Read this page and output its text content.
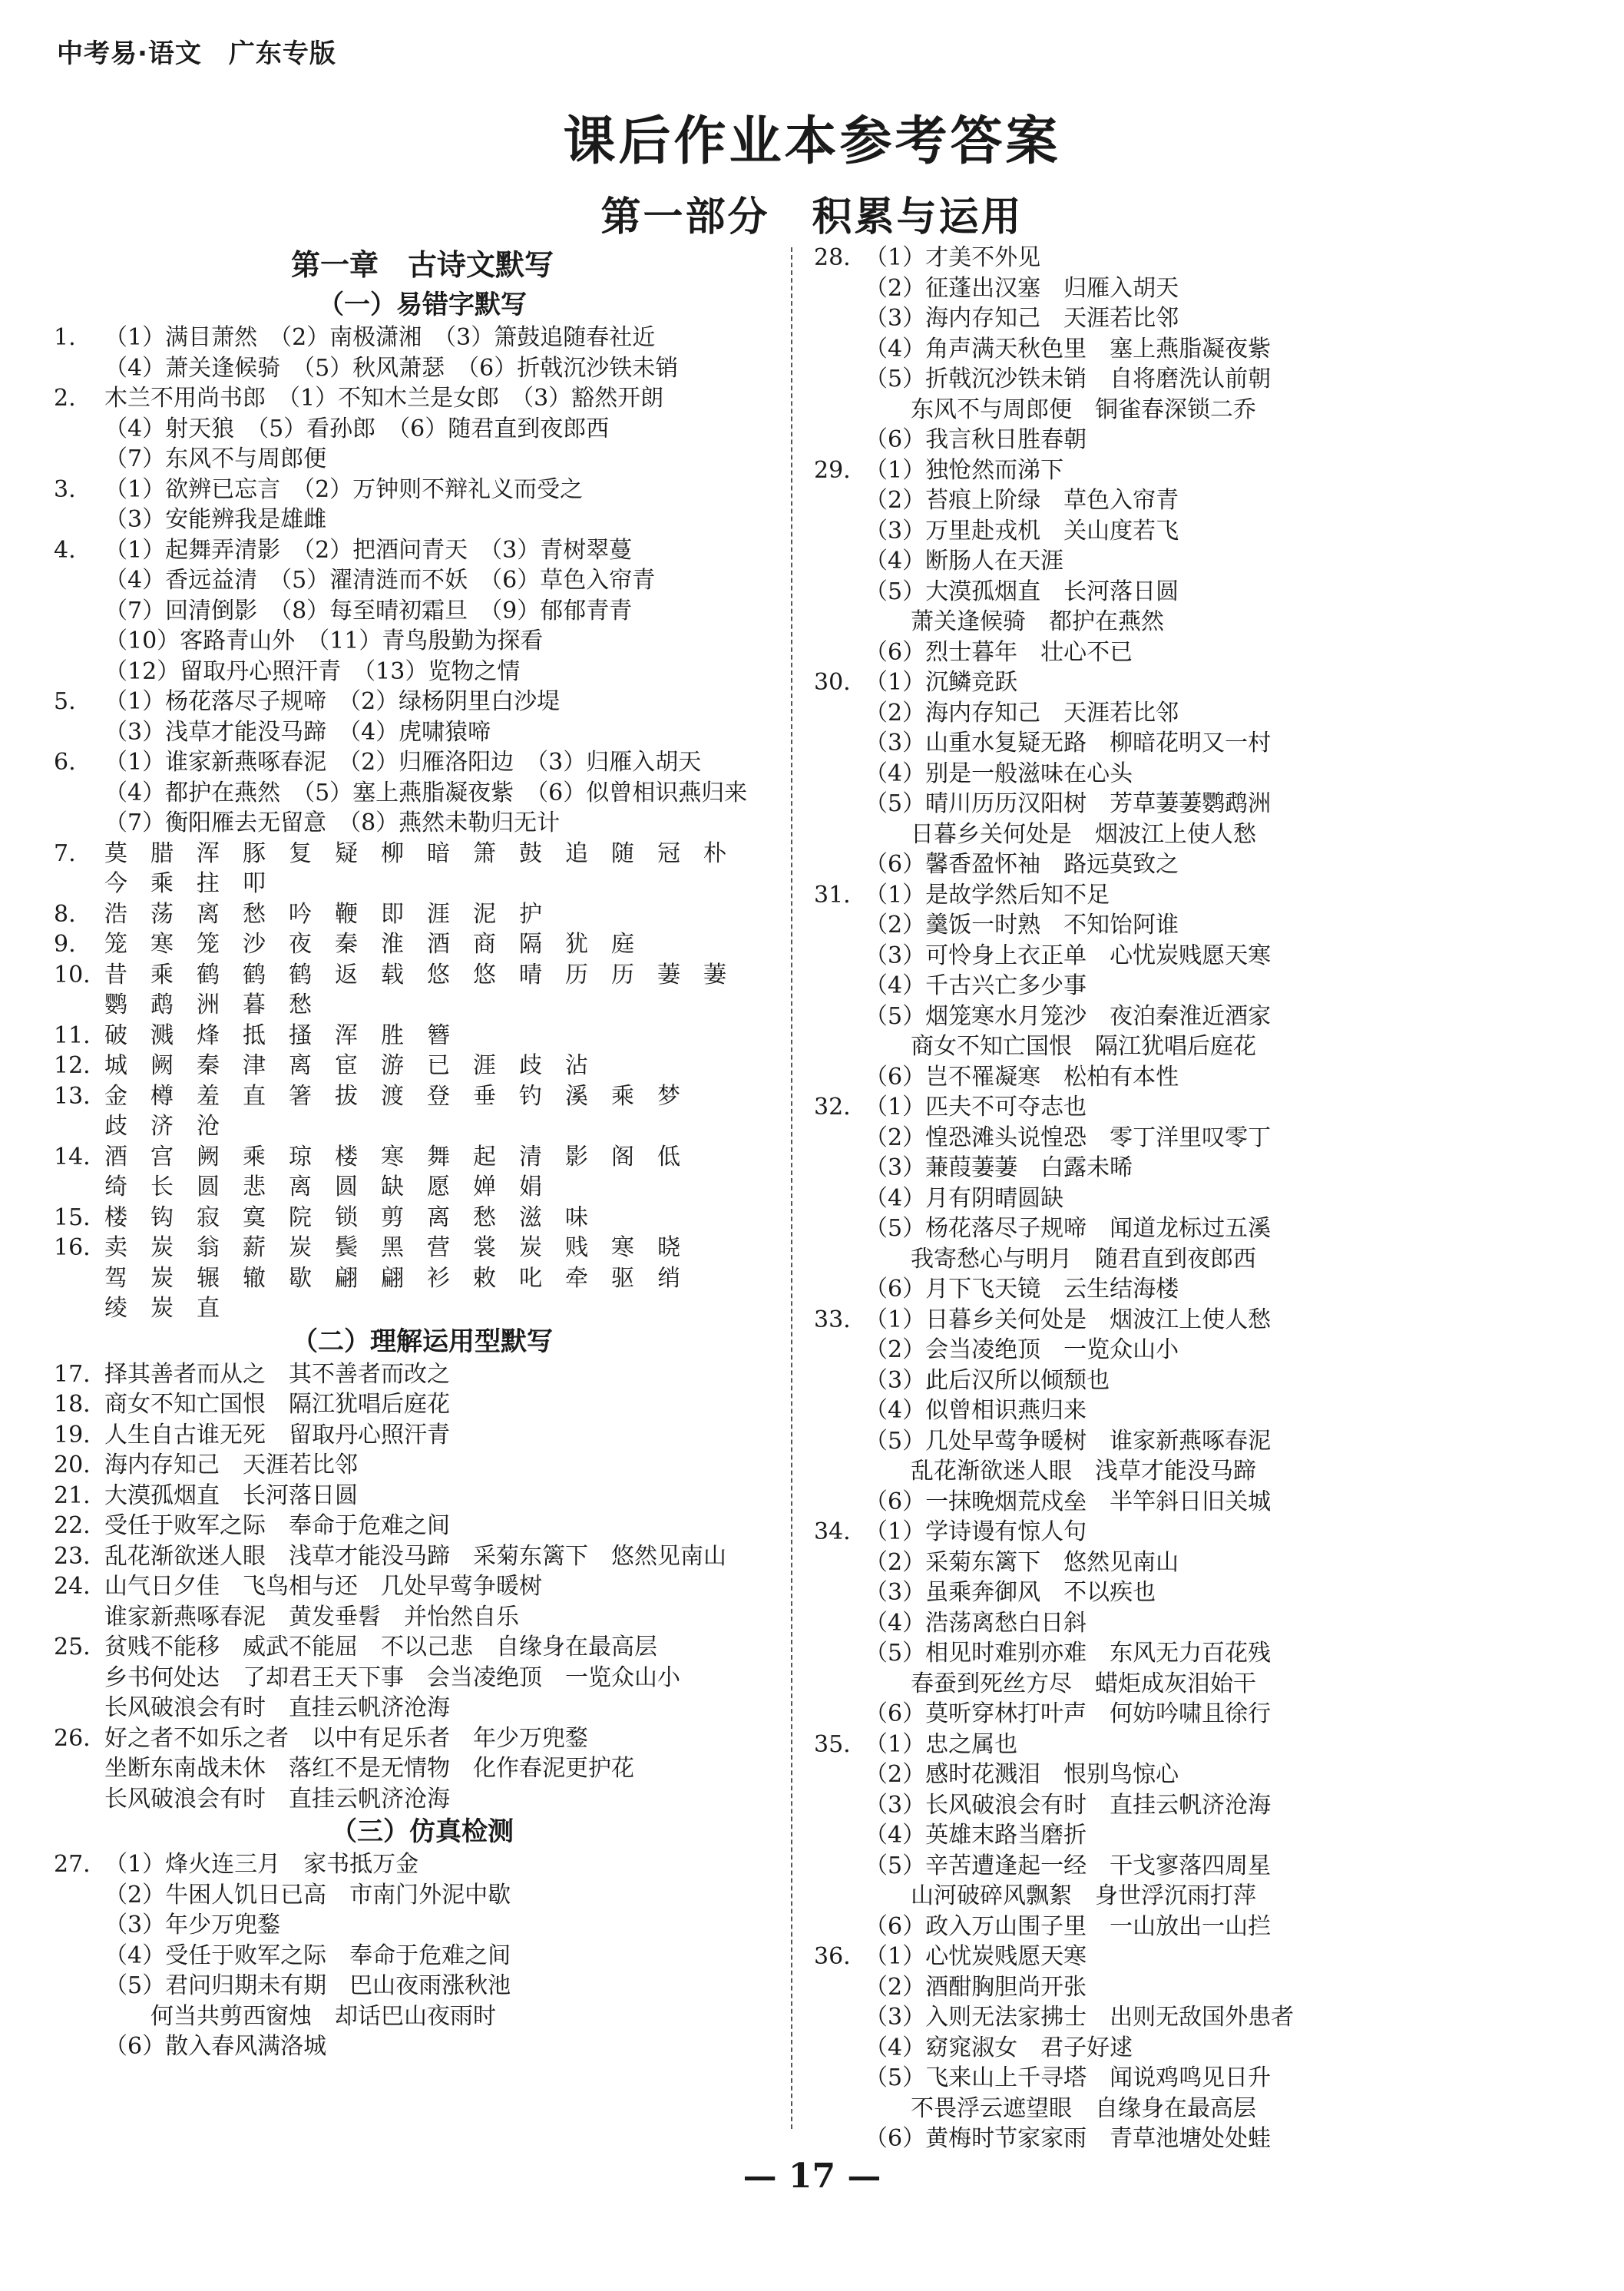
中考易·语文　广东专版
课后作业本参考答案
第一部分　积累与运用
第一章　古诗文默写
（一）易错字默写
1.	（1）满目萧然　（2）南极潇湘　（3）箫鼓追随春社近
（4）萧关逢候骑　（5）秋风萧瑟　（6）折戟沉沙铁未销
2.	木兰不用尚书郎　（1）不知木兰是女郎　（3）豁然开朗
（4）射天狼　（5）看孙郎　（6）随君直到夜郎西
（7）东风不与周郎便
3.	（1）欲辨已忘言　（2）万钟则不辩礼义而受之
（3）安能辨我是雄雌
4.	（1）起舞弄清影　（2）把酒问青天　（3）青树翠蔓
（4）香远益清　（5）濯清涟而不妖　（6）草色入帘青
（7）回清倒影　（8）每至晴初霜旦　（9）郁郁青青
（10）客路青山外　（11）青鸟殷勤为探看
（12）留取丹心照汗青　（13）览物之情
5.	（1）杨花落尽子规啼　（2）绿杨阴里白沙堤
（3）浅草才能没马蹄　（4）虎啸猿啼
6.	（1）谁家新燕啄春泥　（2）归雁洛阳边　（3）归雁入胡天
（4）都护在燕然　（5）塞上燕脂凝夜紫　（6）似曾相识燕归来
（7）衡阳雁去无留意　（8）燕然未勒归无计
7.	莫腊浑豚复疑柳暗箫鼓追随冠朴
今乘拄叩
8.	浩荡离愁吟鞭即涯泥护
9.	笼寒笼沙夜秦淮酒商隔犹庭
10. 昔乘鹤鹤鹤返载悠悠晴历历萋萋
鹦鹉洲暮愁
11. 破溅烽抵搔浑胜簪
12. 城阙秦津离宦游已涯歧沾
13. 金樽羞直箸拔渡登垂钓溪乘梦
歧济沧
14. 酒宫阙乘琼楼寒舞起清影阁低
绮长圆悲离圆缺愿婵娟
15. 楼钩寂寞院锁剪离愁滋味
16. 卖炭翁薪炭鬓黑营裳炭贱寒晓
驾炭辗辙歇翩翩衫敕叱牵驱绡
绫炭直
（二）理解运用型默写
17. 择其善者而从之　其不善者而改之
18. 商女不知亡国恨　隔江犹唱后庭花
19. 人生自古谁无死　留取丹心照汗青
20. 海内存知己　天涯若比邻
21. 大漠孤烟直　长河落日圆
22. 受任于败军之际　奉命于危难之间
23. 乱花渐欲迷人眼　浅草才能没马蹄　采菊东篱下　悠然见南山
24. 山气日夕佳　飞鸟相与还　几处早莺争暖树
谁家新燕啄春泥　黄发垂髫　并怡然自乐
25. 贫贱不能移　威武不能屈　不以己悲　自缘身在最高层
乡书何处达　了却君王天下事　会当凌绝顶　一览众山小
长风破浪会有时　直挂云帆济沧海
26. 好之者不如乐之者　以中有足乐者　年少万兜鍪
坐断东南战未休　落红不是无情物　化作春泥更护花
长风破浪会有时　直挂云帆济沧海
（三）仿真检测
27. （1）烽火连三月　家书抵万金
（2）牛困人饥日已高　市南门外泥中歇
（3）年少万兜鍪
（4）受任于败军之际　奉命于危难之间
（5）君问归期未有期　巴山夜雨涨秋池
　　何当共剪西窗烛　却话巴山夜雨时
（6）散入春风满洛城
28. （1）才美不外见
（2）征蓬出汉塞　归雁入胡天
（3）海内存知己　天涯若比邻
（4）角声满天秋色里　塞上燕脂凝夜紫
（5）折戟沉沙铁未销　自将磨洗认前朝
　　东风不与周郎便　铜雀春深锁二乔
（6）我言秋日胜春朝
29. （1）独怆然而涕下
（2）苔痕上阶绿　草色入帘青
（3）万里赴戎机　关山度若飞
（4）断肠人在天涯
（5）大漠孤烟直　长河落日圆
　　萧关逢候骑　都护在燕然
（6）烈士暮年　壮心不已
30. （1）沉鳞竞跃
（2）海内存知己　天涯若比邻
（3）山重水复疑无路　柳暗花明又一村
（4）别是一般滋味在心头
（5）晴川历历汉阳树　芳草萋萋鹦鹉洲
　　日暮乡关何处是　烟波江上使人愁
（6）馨香盈怀袖　路远莫致之
31. （1）是故学然后知不足
（2）羹饭一时熟　不知饴阿谁
（3）可怜身上衣正单　心忧炭贱愿天寒
（4）千古兴亡多少事
（5）烟笼寒水月笼沙　夜泊秦淮近酒家
　　商女不知亡国恨　隔江犹唱后庭花
（6）岂不罹凝寒　松柏有本性
32. （1）匹夫不可夺志也
（2）惶恐滩头说惶恐　零丁洋里叹零丁
（3）蒹葭萋萋　白露未晞
（4）月有阴晴圆缺
（5）杨花落尽子规啼　闻道龙标过五溪
　　我寄愁心与明月　随君直到夜郎西
（6）月下飞天镜　云生结海楼
33. （1）日暮乡关何处是　烟波江上使人愁
（2）会当凌绝顶　一览众山小
（3）此后汉所以倾颓也
（4）似曾相识燕归来
（5）几处早莺争暖树　谁家新燕啄春泥
　　乱花渐欲迷人眼　浅草才能没马蹄
（6）一抹晚烟荒戍垒　半竿斜日旧关城
34. （1）学诗谩有惊人句
（2）采菊东篱下　悠然见南山
（3）虽乘奔御风　不以疾也
（4）浩荡离愁白日斜
（5）相见时难别亦难　东风无力百花残
　　春蚕到死丝方尽　蜡炬成灰泪始干
（6）莫听穿林打叶声　何妨吟啸且徐行
35. （1）忠之属也
（2）感时花溅泪　恨别鸟惊心
（3）长风破浪会有时　直挂云帆济沧海
（4）英雄末路当磨折
（5）辛苦遭逢起一经　干戈寥落四周星
　　山河破碎风飘絮　身世浮沉雨打萍
（6）政入万山围子里　一山放出一山拦
36. （1）心忧炭贱愿天寒
（2）酒酣胸胆尚开张
（3）入则无法家拂士　出则无敌国外患者
（4）窈窕淑女　君子好逑
（5）飞来山上千寻塔　闻说鸡鸣见日升
　　不畏浮云遮望眼　自缘身在最高层
（6）黄梅时节家家雨　青草池塘处处蛙
— 17 —
